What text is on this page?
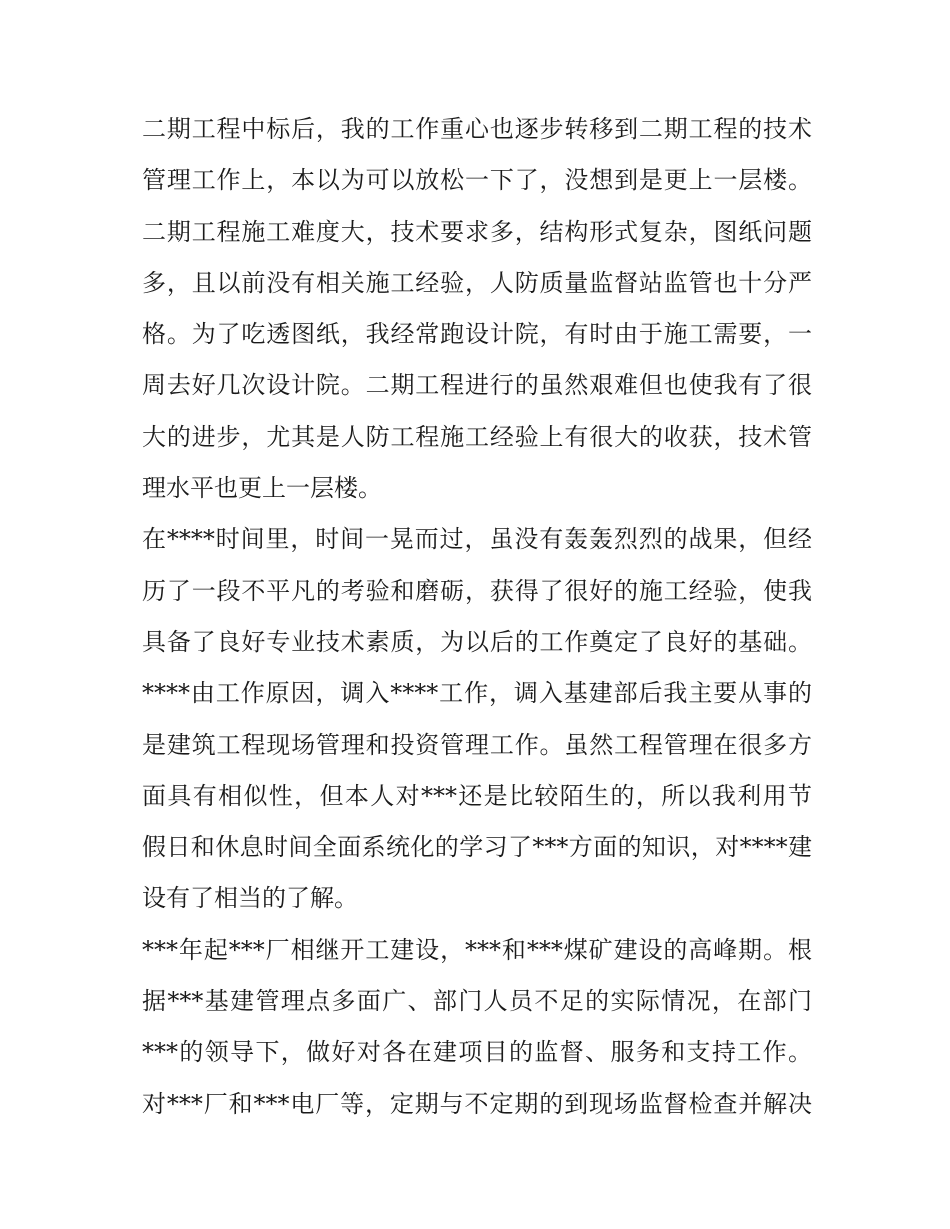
二期工程中标后，我的工作重心也逐步转移到二期工程的技术
管理工作上，本以为可以放松一下了，没想到是更上一层楼。
二期工程施工难度大，技术要求多，结构形式复杂，图纸问题
多，且以前没有相关施工经验，人防质量监督站监管也十分严
格。为了吃透图纸，我经常跑设计院，有时由于施工需要，一
周去好几次设计院。二期工程进行的虽然艰难但也使我有了很
大的进步，尤其是人防工程施工经验上有很大的收获，技术管
理水平也更上一层楼。
在****时间里，时间一晃而过，虽没有轰轰烈烈的战果，但经
历了一段不平凡的考验和磨砺，获得了很好的施工经验，使我
具备了良好专业技术素质，为以后的工作奠定了良好的基础。
****由工作原因，调入****工作，调入基建部后我主要从事的
是建筑工程现场管理和投资管理工作。虽然工程管理在很多方
面具有相似性，但本人对***还是比较陌生的，所以我利用节
假日和休息时间全面系统化的学习了***方面的知识，对****建
设有了相当的了解。
***年起***厂相继开工建设，***和***煤矿建设的高峰期。根
据***基建管理点多面广、部门人员不足的实际情况，在部门
***的领导下，做好对各在建项目的监督、服务和支持工作。
对***厂和***电厂等，定期与不定期的到现场监督检查并解决
